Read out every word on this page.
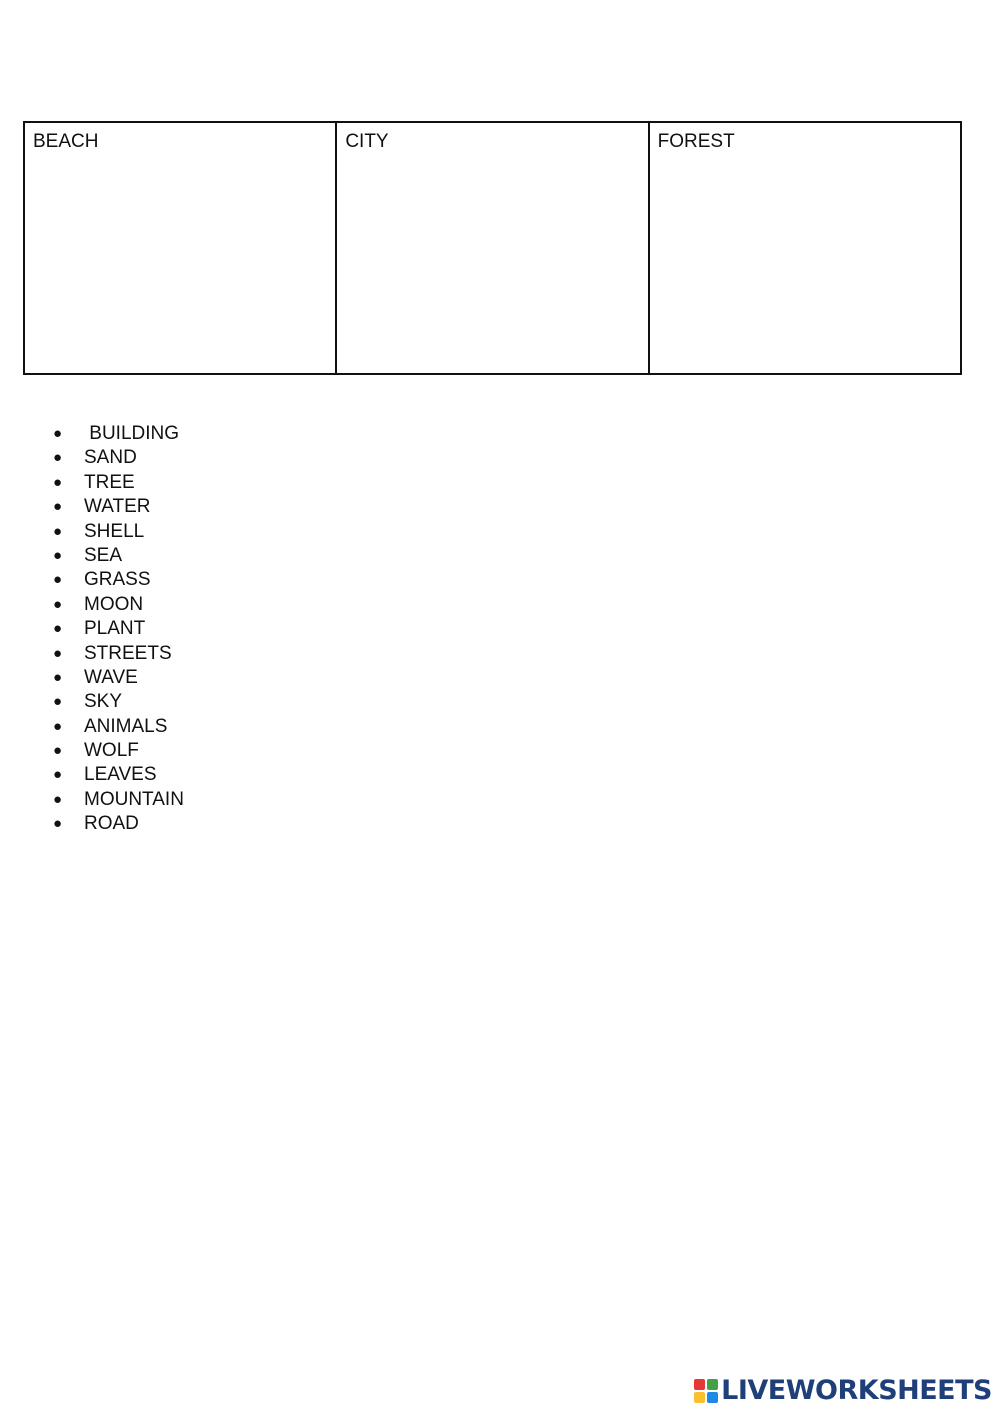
BEACH	CITY	FOREST
● BUILDING
● SAND
● TREE
● WATER
● SHELL
● SEA
● GRASS
● MOON
● PLANT
● STREETS
● WAVE
● SKY
● ANIMALS
● WOLF
● LEAVES
● MOUNTAIN
● ROAD
LIVEWORKSHEETS
